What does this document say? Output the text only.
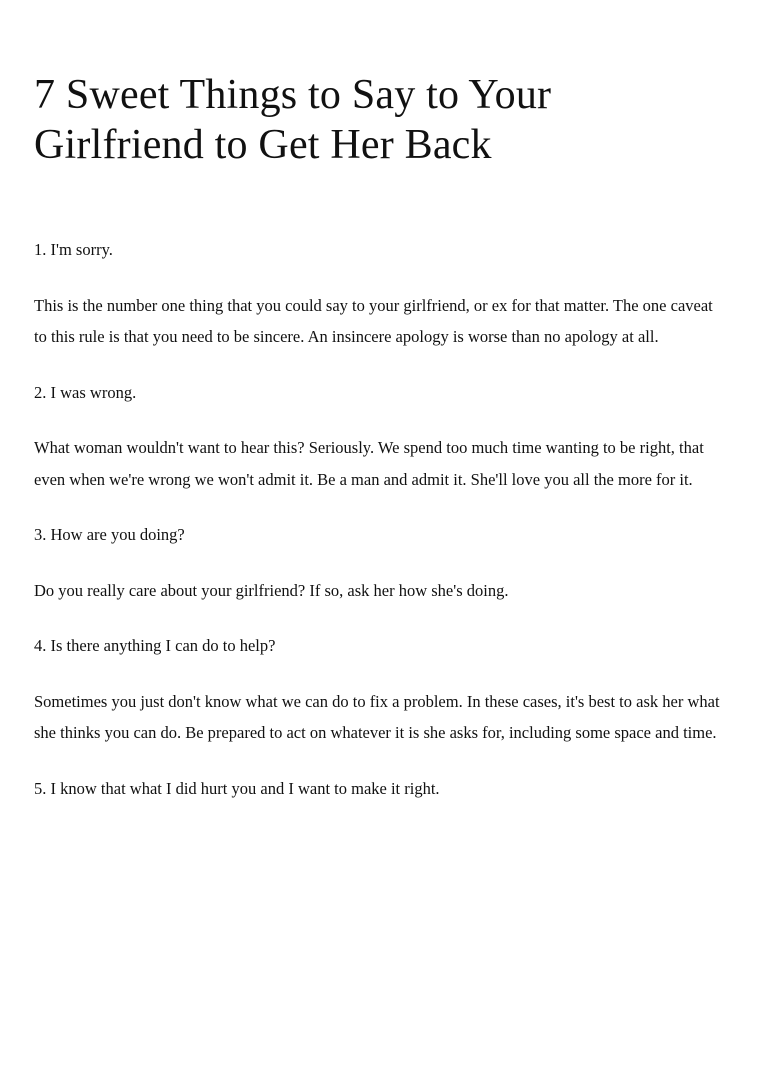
7 Sweet Things to Say to Your
Girlfriend to Get Her Back

1. I'm sorry.

This is the number one thing that you could say to your girlfriend, or ex for that matter. The one caveat to this rule is that you need to be sincere. An insincere apology is worse than no apology at all.

2. I was wrong.

What woman wouldn't want to hear this? Seriously. We spend too much time wanting to be right, that even when we're wrong we won't admit it. Be a man and admit it. She'll love you all the more for it.

3. How are you doing?

Do you really care about your girlfriend? If so, ask her how she's doing.

4. Is there anything I can do to help?

Sometimes you just don't know what we can do to fix a problem. In these cases, it's best to ask her what she thinks you can do. Be prepared to act on whatever it is she asks for, including some space and time.

5. I know that what I did hurt you and I want to make it right.
